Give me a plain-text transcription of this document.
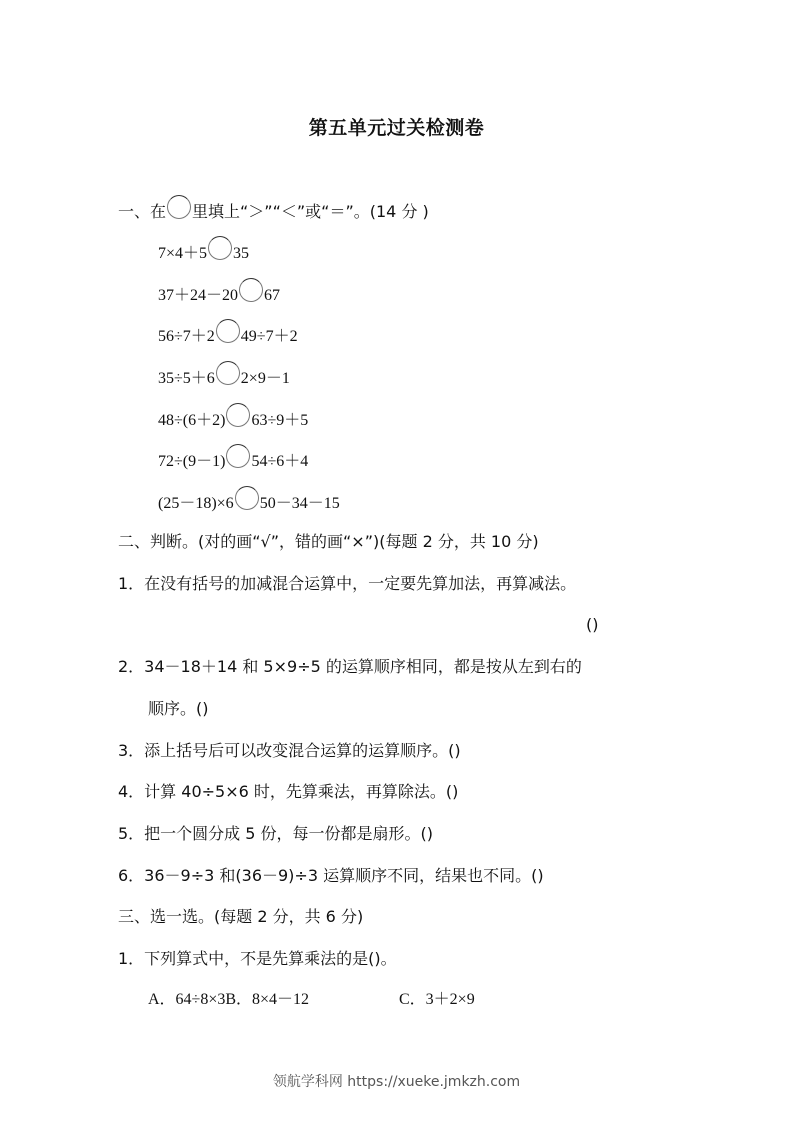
第五单元过关检测卷
一、在 里填上“＞”“＜”或“＝”。(14 分 )
7×4＋5 35
37＋24－20 67
56÷7＋2 49÷7＋2
35÷5＋6 2×9－1
48÷(6＋2) 63÷9＋5
72÷(9－1) 54÷6＋4
(25－18)×6 50－34－15
二、判断。(对的画“√”，错的画“×”)(每题 2 分，共 10 分)
1．在没有括号的加减混合运算中，一定要先算加法，再算减法。
()
2．34－18＋14 和 5×9÷5 的运算顺序相同，都是按从左到右的
顺序。()
3．添上括号后可以改变混合运算的运算顺序。()
4．计算 40÷5×6 时，先算乘法，再算除法。()
5．把一个圆分成 5 份，每一份都是扇形。()
6．36－9÷3 和(36－9)÷3 运算顺序不同，结果也不同。()
三、选一选。(每题 2 分，共 6 分)
1．下列算式中，不是先算乘法的是()。
A．64÷8×3B．8×4－12	C．3＋2×9
领航学科网 https://xueke.jmkzh.com
